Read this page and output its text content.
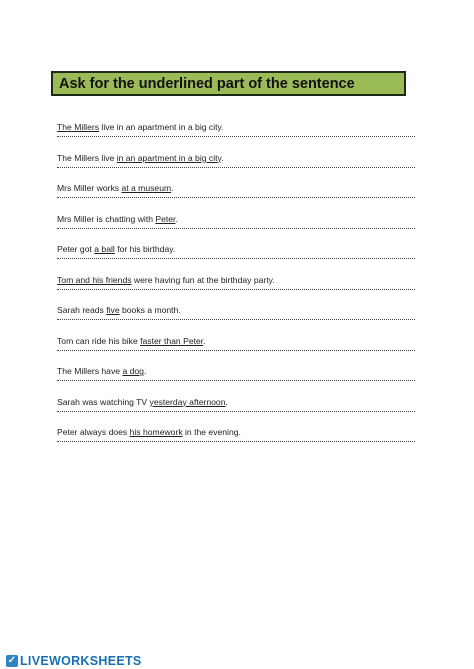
Ask for the underlined part of the sentence
The Millers live in an apartment in a big city.
The Millers live in an apartment in a big city.
Mrs Miller works at a museum.
Mrs Miller is chatting with Peter.
Peter got a ball for his birthday.
Tom and his friends were having fun at the birthday party.
Sarah reads five books a month.
Tom can ride his bike faster than Peter.
The Millers have a dog.
Sarah was watching TV yesterday afternoon.
Peter always does his homework in the evening.
✓ LIVEWORKSHEETS
